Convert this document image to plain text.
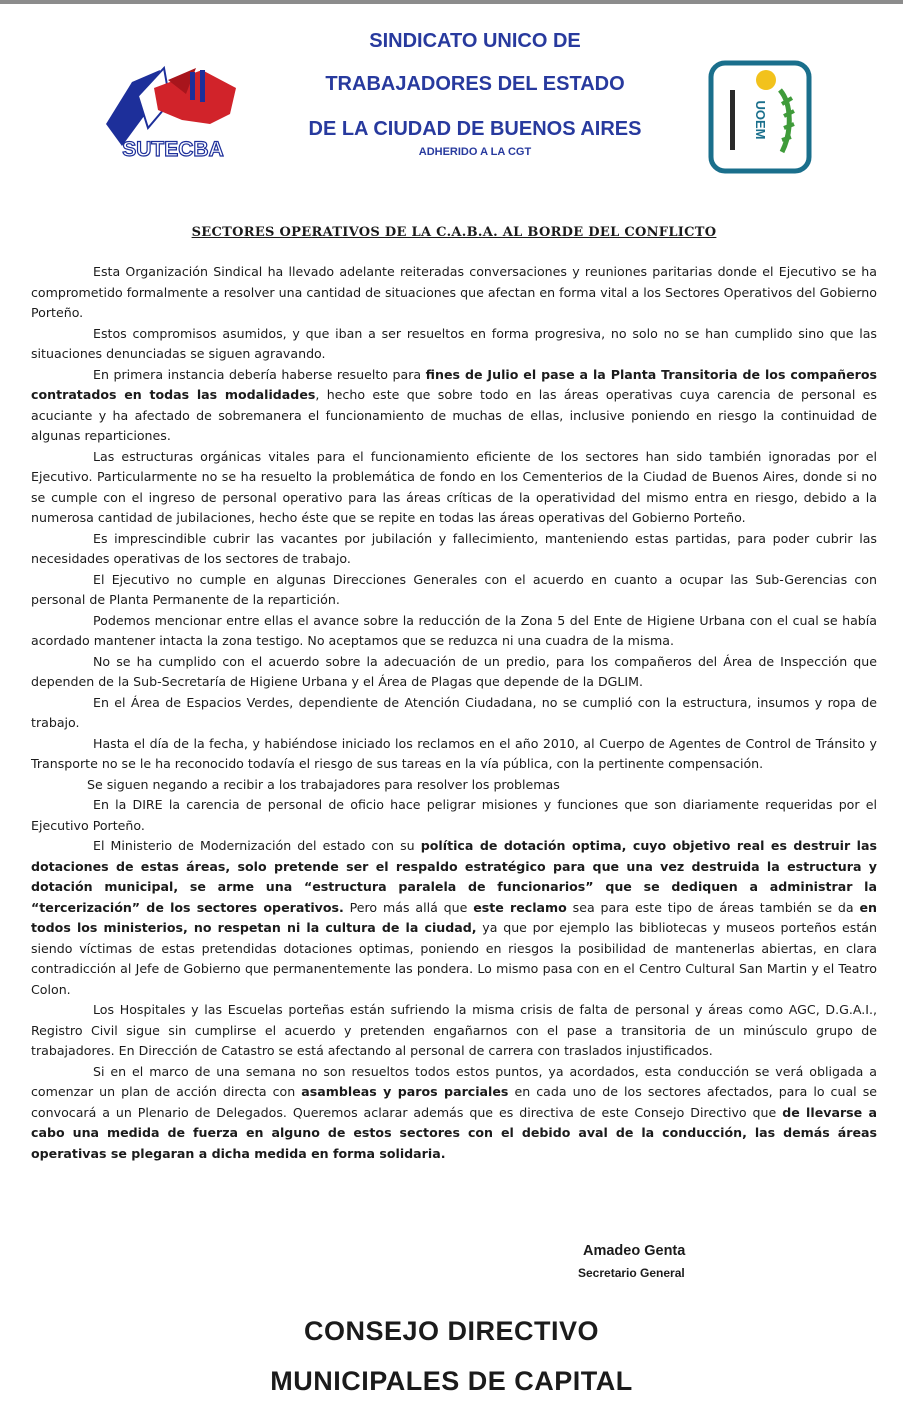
SUTECBA
UOEM
SINDICATO UNICO DE
TRABAJADORES DEL ESTADO
DE LA CIUDAD DE BUENOS AIRES
ADHERIDO A LA CGT
SECTORES OPERATIVOS DE LA C.A.B.A. AL BORDE DEL CONFLICTO

Esta Organización Sindical ha llevado adelante reiteradas conversaciones y reuniones paritarias donde el Ejecutivo se ha comprometido formalmente a resolver una cantidad de situaciones que afectan en forma vital a los Sectores Operativos del Gobierno Porteño.

Estos compromisos asumidos, y que iban a ser resueltos en forma progresiva, no solo no se han cumplido sino que las situaciones denunciadas se siguen agravando.

En primera instancia debería haberse resuelto para fines de Julio el pase a la Planta Transitoria de los compañeros contratados en todas las modalidades, hecho este que sobre todo en las áreas operativas cuya carencia de personal es acuciante y ha afectado de sobremanera el funcionamiento de muchas de ellas, inclusive poniendo en riesgo la continuidad de algunas reparticiones.

Las estructuras orgánicas vitales para el funcionamiento eficiente de los sectores han sido también ignoradas por el Ejecutivo. Particularmente no se ha resuelto la problemática de fondo en los Cementerios de la Ciudad de Buenos Aires, donde si no se cumple con el ingreso de personal operativo para las áreas críticas de la operatividad del mismo entra en riesgo, debido a la numerosa cantidad de jubilaciones, hecho éste que se repite en todas las áreas operativas del Gobierno Porteño.

Es imprescindible cubrir las vacantes por jubilación y fallecimiento, manteniendo estas partidas, para poder cubrir las necesidades operativas de los sectores de trabajo.

El Ejecutivo no cumple en algunas Direcciones Generales con el acuerdo en cuanto a ocupar las Sub-Gerencias con personal de Planta Permanente de la repartición.

Podemos mencionar entre ellas el avance sobre la reducción de la Zona 5 del Ente de Higiene Urbana con el cual se había acordado mantener intacta la zona testigo. No aceptamos que se reduzca ni una cuadra de la misma.

No se ha cumplido con el acuerdo sobre la adecuación de un predio, para los compañeros del Área de Inspección que dependen de la Sub-Secretaría de Higiene Urbana y el Área de Plagas que depende de la DGLIM.

En el Área de Espacios Verdes, dependiente de Atención Ciudadana, no se cumplió con la estructura, insumos y ropa de trabajo.

Hasta el día de la fecha, y habiéndose iniciado los reclamos en el año 2010, al Cuerpo de Agentes de Control de Tránsito y Transporte no se le ha reconocido todavía el riesgo de sus tareas en la vía pública, con la pertinente compensación.

Se siguen negando a recibir a los trabajadores para resolver los problemas

En la DIRE la carencia de personal de oficio hace peligrar misiones y funciones que son diariamente requeridas por el Ejecutivo Porteño.

El Ministerio de Modernización del estado con su política de dotación optima, cuyo objetivo real es destruir las dotaciones de estas áreas, solo pretende ser el respaldo estratégico para que una vez destruida la estructura y dotación municipal, se arme una “estructura paralela de funcionarios” que se dediquen a administrar la “tercerización” de los sectores operativos. Pero más allá que este reclamo sea para este tipo de áreas también se da en todos los ministerios, no respetan ni la cultura de la ciudad, ya que por ejemplo las bibliotecas y museos porteños están siendo víctimas de estas pretendidas dotaciones optimas, poniendo en riesgos la posibilidad de mantenerlas abiertas, en clara contradicción al Jefe de Gobierno que permanentemente las pondera. Lo mismo pasa con en el Centro Cultural San Martin y el Teatro Colon.

Los Hospitales y las Escuelas porteñas están sufriendo la misma crisis de falta de personal y áreas como AGC, D.G.A.I., Registro Civil sigue sin cumplirse el acuerdo y pretenden engañarnos con el pase a transitoria de un minúsculo grupo de trabajadores. En Dirección de Catastro se está afectando al personal de carrera con traslados injustificados.

Si en el marco de una semana no son resueltos todos estos puntos, ya acordados, esta conducción se verá obligada a comenzar un plan de acción directa con asambleas y paros parciales en cada uno de los sectores afectados, para lo cual se convocará a un Plenario de Delegados. Queremos aclarar además que es directiva de este Consejo Directivo que de llevarse a cabo una medida de fuerza en alguno de estos sectores con el debido aval de la conducción, las demás áreas operativas se plegaran a dicha medida en forma solidaria.

Amadeo Genta
Secretario General
CONSEJO DIRECTIVO
MUNICIPALES DE CAPITAL
